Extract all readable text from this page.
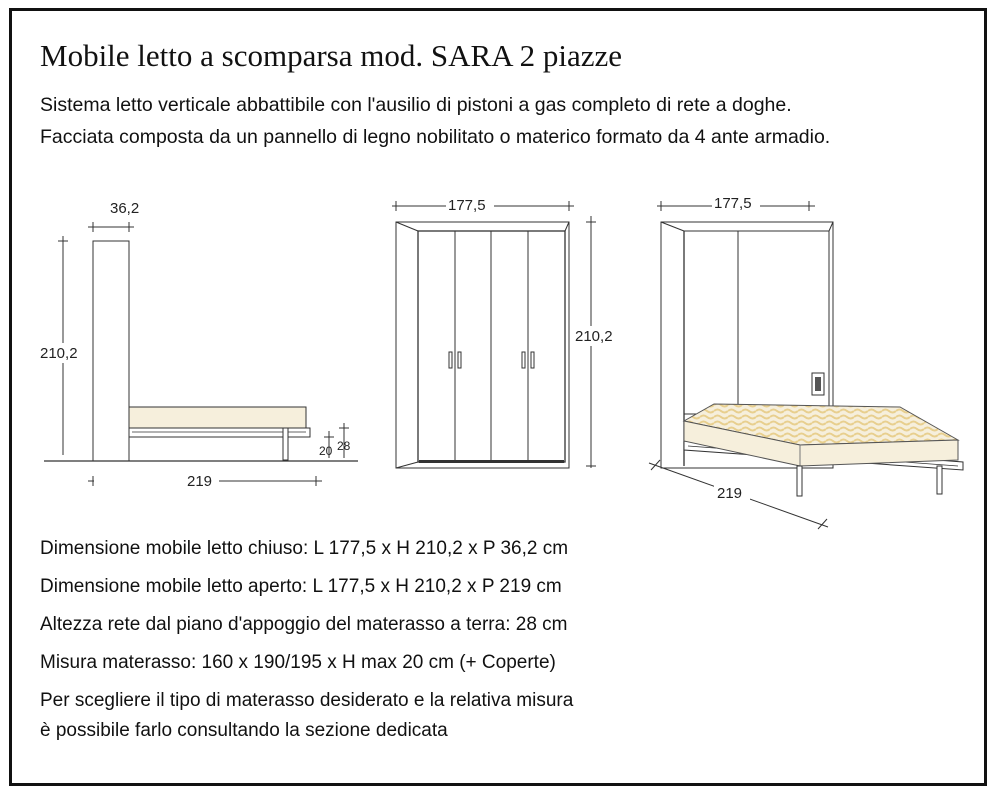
Mobile letto a scomparsa mod. SARA 2 piazze

Sistema letto verticale abbattibile con l'ausilio di pistoni a gas completo di rete a doghe.

Facciata composta da un pannello di legno nobilitato o materico formato da 4 ante armadio.

36,2
210,2
219
20 28
177,5
210,2
177,5
219

Dimensione mobile letto chiuso: L 177,5 x H 210,2 x P 36,2 cm

Dimensione mobile letto aperto: L 177,5 x H 210,2 x P 219 cm

Altezza rete dal piano d'appoggio del materasso a terra: 28 cm

Misura materasso: 160 x 190/195 x H max 20 cm (+ Coperte)

Per scegliere il tipo di materasso desiderato e la relativa misura

è possibile farlo consultando la sezione dedicata
